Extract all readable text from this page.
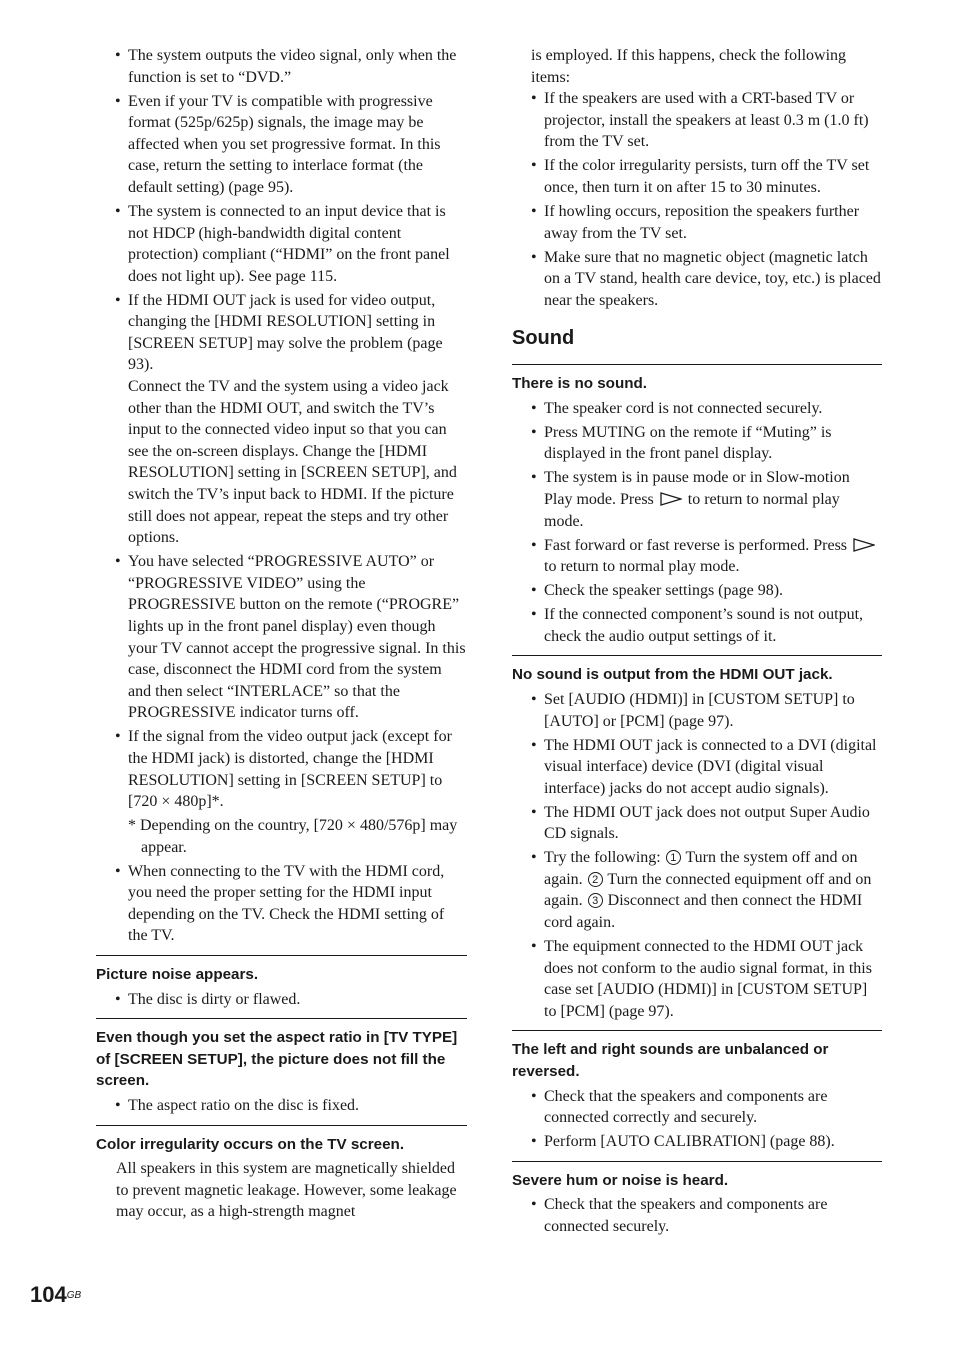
• The system outputs the video signal, only when the function is set to “DVD.”
• Even if your TV is compatible with progressive format (525p/625p) signals, the image may be affected when you set progressive format. In this case, return the setting to interlace format (the default setting) (page 95).
• The system is connected to an input device that is not HDCP (high-bandwidth digital content protection) compliant (“HDMI” on the front panel does not light up). See page 115.
• If the HDMI OUT jack is used for video output, changing the [HDMI RESOLUTION] setting in [SCREEN SETUP] may solve the problem (page 93).
Connect the TV and the system using a video jack other than the HDMI OUT, and switch the TV’s input to the connected video input so that you can see the on-screen displays. Change the [HDMI RESOLUTION] setting in [SCREEN SETUP], and switch the TV’s input back to HDMI. If the picture still does not appear, repeat the steps and try other options.
• You have selected “PROGRESSIVE AUTO” or “PROGRESSIVE VIDEO” using the PROGRESSIVE button on the remote (“PROGRE” lights up in the front panel display) even though your TV cannot accept the progressive signal. In this case, disconnect the HDMI cord from the system and then select “INTERLACE” so that the PROGRESSIVE indicator turns off.
• If the signal from the video output jack (except for the HDMI jack) is distorted, change the [HDMI RESOLUTION] setting in [SCREEN SETUP] to [720 × 480p]*.
* Depending on the country, [720 × 480/576p] may appear.
• When connecting to the TV with the HDMI cord, you need the proper setting for the HDMI input depending on the TV. Check the HDMI setting of the TV.
Picture noise appears.
• The disc is dirty or flawed.
Even though you set the aspect ratio in [TV TYPE] of [SCREEN SETUP], the picture does not fill the screen.
• The aspect ratio on the disc is fixed.
Color irregularity occurs on the TV screen.
All speakers in this system are magnetically shielded to prevent magnetic leakage. However, some leakage may occur, as a high-strength magnet
is employed. If this happens, check the following items:
• If the speakers are used with a CRT-based TV or projector, install the speakers at least 0.3 m (1.0 ft) from the TV set.
• If the color irregularity persists, turn off the TV set once, then turn it on after 15 to 30 minutes.
• If howling occurs, reposition the speakers further away from the TV set.
• Make sure that no magnetic object (magnetic latch on a TV stand, health care device, toy, etc.) is placed near the speakers.
Sound
There is no sound.
• The speaker cord is not connected securely.
• Press MUTING on the remote if “Muting” is displayed in the front panel display.
• The system is in pause mode or in Slow-motion Play mode. Press to return to normal play mode.
• Fast forward or fast reverse is performed. Press  to return to normal play mode.
• Check the speaker settings (page 98).
• If the connected component’s sound is not output, check the audio output settings of it.
No sound is output from the HDMI OUT jack.
• Set [AUDIO (HDMI)] in [CUSTOM SETUP] to [AUTO] or [PCM] (page 97).
• The HDMI OUT jack is connected to a DVI (digital visual interface) device (DVI (digital visual interface) jacks do not accept audio signals).
• The HDMI OUT jack does not output Super Audio CD signals.
• Try the following: 1 Turn the system off and on again. 2 Turn the connected equipment off and on again. 3 Disconnect and then connect the HDMI cord again.
• The equipment connected to the HDMI OUT jack does not conform to the audio signal format, in this case set [AUDIO (HDMI)] in [CUSTOM SETUP] to [PCM] (page 97).
The left and right sounds are unbalanced or reversed.
• Check that the speakers and components are connected correctly and securely.
• Perform [AUTO CALIBRATION] (page 88).
Severe hum or noise is heard.
• Check that the speakers and components are connected securely.
$104^{GB}$
